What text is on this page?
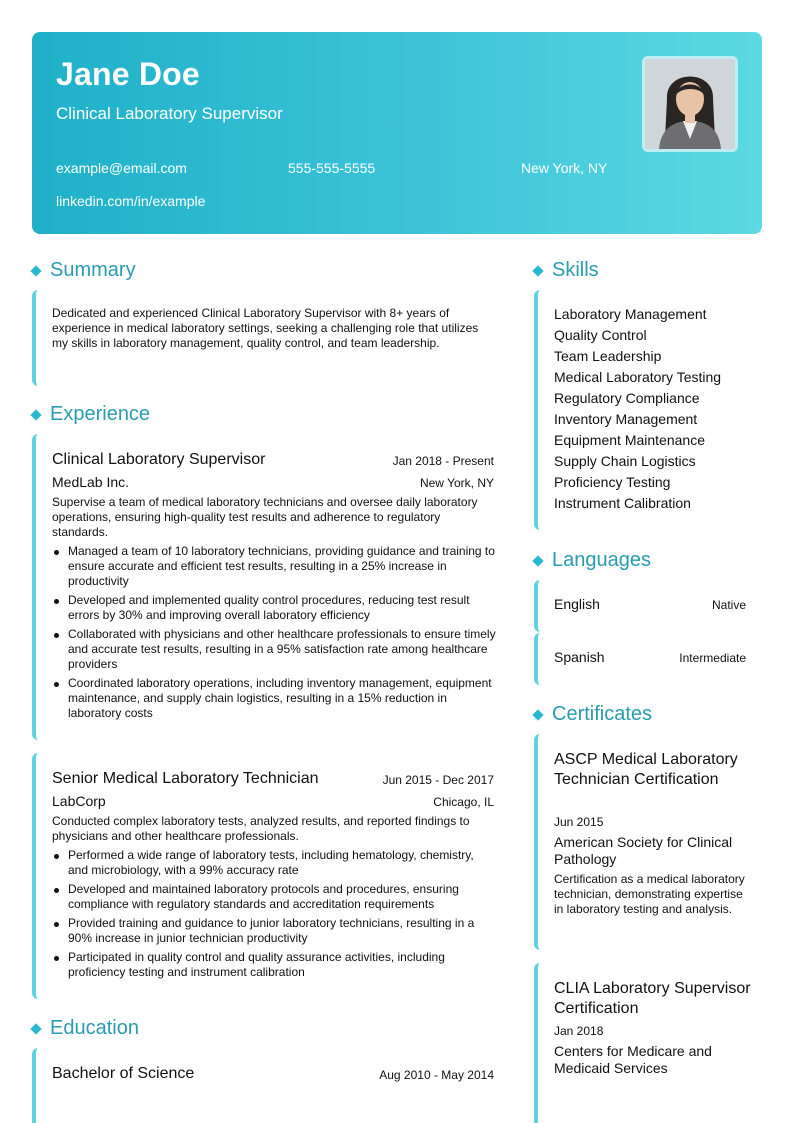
Jane Doe
Clinical Laboratory Supervisor
example@email.com	555-555-5555	New York, NY
linkedin.com/in/example
Summary
Dedicated and experienced Clinical Laboratory Supervisor with 8+ years of experience in medical laboratory settings, seeking a challenging role that utilizes my skills in laboratory management, quality control, and team leadership.
Experience
Clinical Laboratory Supervisor	Jan 2018 - Present
MedLab Inc.	New York, NY
Supervise a team of medical laboratory technicians and oversee daily laboratory operations, ensuring high-quality test results and adherence to regulatory standards.
Managed a team of 10 laboratory technicians, providing guidance and training to ensure accurate and efficient test results, resulting in a 25% increase in productivity
Developed and implemented quality control procedures, reducing test result errors by 30% and improving overall laboratory efficiency
Collaborated with physicians and other healthcare professionals to ensure timely and accurate test results, resulting in a 95% satisfaction rate among healthcare providers
Coordinated laboratory operations, including inventory management, equipment maintenance, and supply chain logistics, resulting in a 15% reduction in laboratory costs
Senior Medical Laboratory Technician	Jun 2015 - Dec 2017
LabCorp	Chicago, IL
Conducted complex laboratory tests, analyzed results, and reported findings to physicians and other healthcare professionals.
Performed a wide range of laboratory tests, including hematology, chemistry, and microbiology, with a 99% accuracy rate
Developed and maintained laboratory protocols and procedures, ensuring compliance with regulatory standards and accreditation requirements
Provided training and guidance to junior laboratory technicians, resulting in a 90% increase in junior technician productivity
Participated in quality control and quality assurance activities, including proficiency testing and instrument calibration
Education
Bachelor of Science	Aug 2010 - May 2014
Skills
Laboratory Management
Quality Control
Team Leadership
Medical Laboratory Testing
Regulatory Compliance
Inventory Management
Equipment Maintenance
Supply Chain Logistics
Proficiency Testing
Instrument Calibration
Languages
English	Native
Spanish	Intermediate
Certificates
ASCP Medical Laboratory Technician Certification
Jun 2015
American Society for Clinical Pathology
Certification as a medical laboratory technician, demonstrating expertise in laboratory testing and analysis.
CLIA Laboratory Supervisor Certification
Jan 2018
Centers for Medicare and Medicaid Services
